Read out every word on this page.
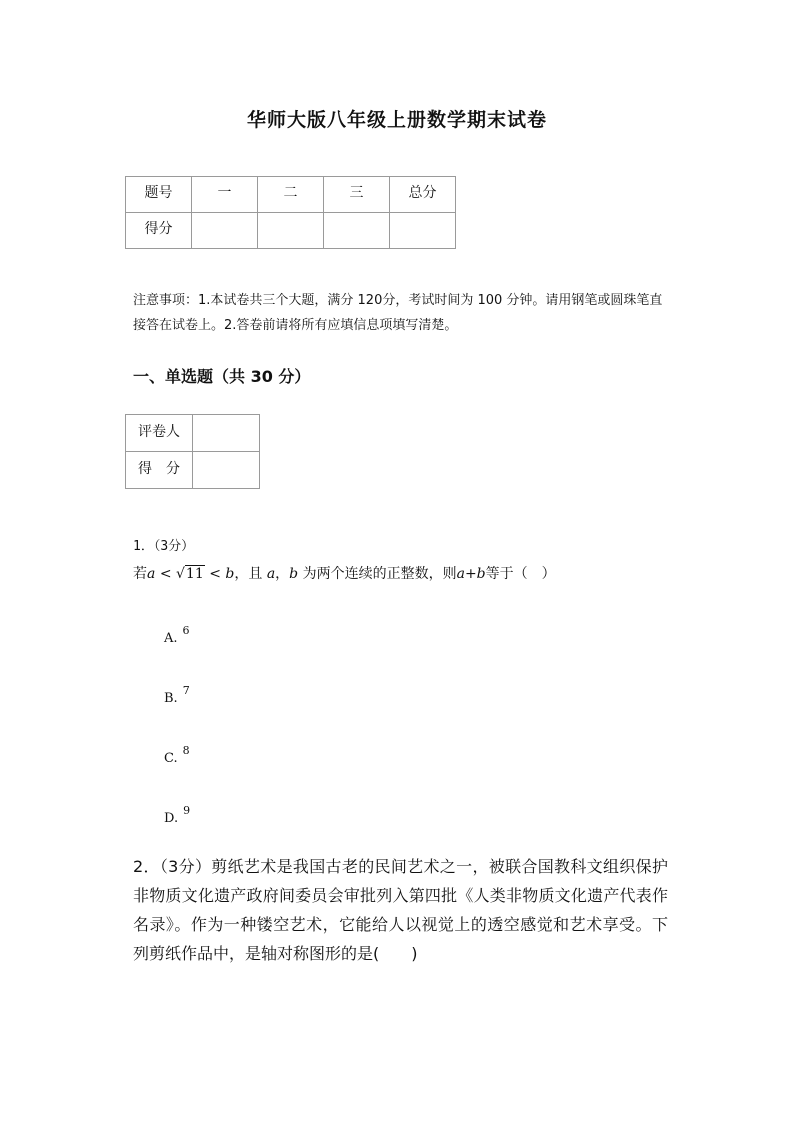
华师大版八年级上册数学期末试卷
题号	一	二	三	总分
得分				
注意事项：1.本试卷共三个大题，满分 120分，考试时间为 100 分钟。请用钢笔或圆珠笔直接答在试卷上。2.答卷前请将所有应填信息项填写清楚。
一、单选题（共 30 分）
评卷人	
得　分	
1．（3分）
若a < √11 < b，且 a，b 为两个连续的正整数，则a+b等于（　）
A.$^6$
B.$^7$
C.$^8$
D.$^9$
2．（3分）剪纸艺术是我国古老的民间艺术之一，被联合国教科文组织保护非物质文化遗产政府间委员会审批列入第四批《人类非物质文化遗产代表作名录》。作为一种镂空艺术，它能给人以视觉上的透空感觉和艺术享受。下列剪纸作品中，是轴对称图形的是(　　)
